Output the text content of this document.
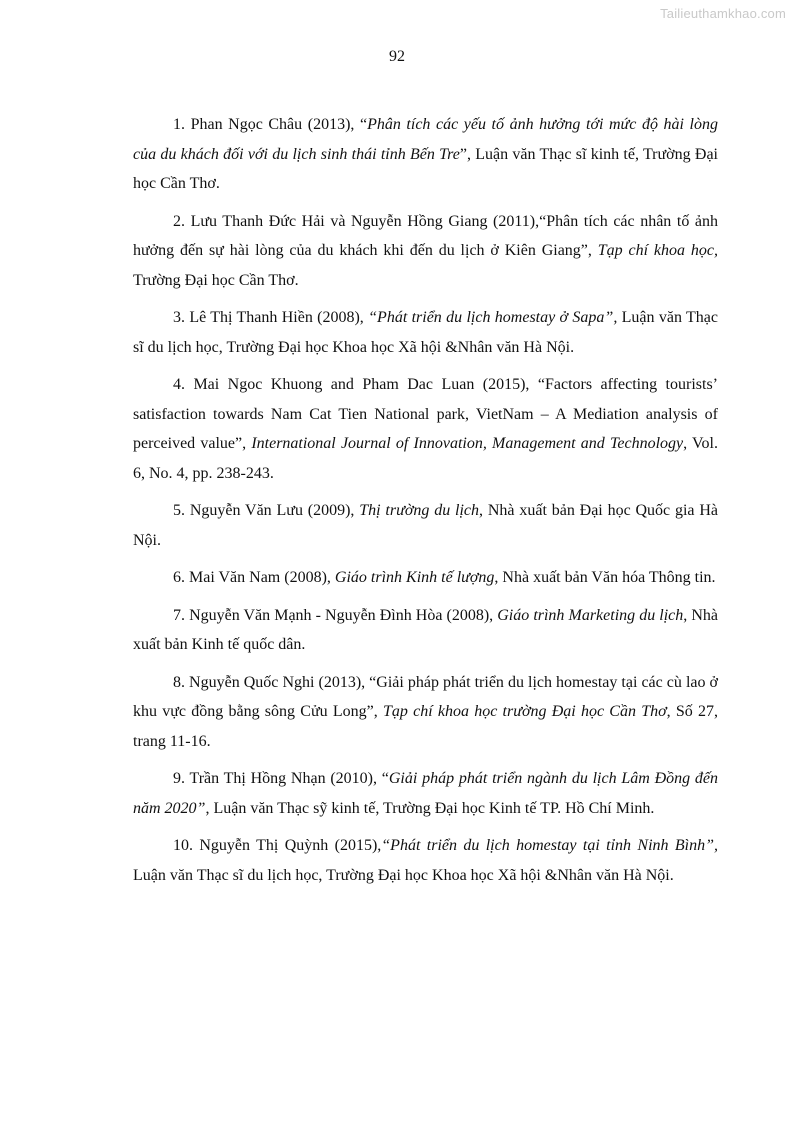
Tailieuthamkhao.com
92

1. Phan Ngọc Châu (2013), “Phân tích các yếu tố ảnh hưởng tới mức độ hài lòng của du khách đối với du lịch sinh thái tỉnh Bến Tre”, Luận văn Thạc sĩ kinh tế, Trường Đại học Cần Thơ.

2. Lưu Thanh Đức Hải và Nguyễn Hồng Giang (2011),“Phân tích các nhân tố ảnh hưởng đến sự hài lòng của du khách khi đến du lịch ở Kiên Giang”, Tạp chí khoa học, Trường Đại học Cần Thơ.

3. Lê Thị Thanh Hiền (2008), “Phát triển du lịch homestay ở Sapa”, Luận văn Thạc sĩ du lịch học, Trường Đại học Khoa học Xã hội &Nhân văn Hà Nội.

4. Mai Ngoc Khuong and Pham Dac Luan (2015), “Factors affecting tourists’ satisfaction towards Nam Cat Tien National park, VietNam – A Mediation analysis of perceived value”, International Journal of Innovation, Management and Technology, Vol. 6, No. 4, pp. 238-243.

5. Nguyễn Văn Lưu (2009), Thị trường du lịch, Nhà xuất bản Đại học Quốc gia Hà Nội.

6. Mai Văn Nam (2008), Giáo trình Kinh tế lượng, Nhà xuất bản Văn hóa Thông tin.

7. Nguyễn Văn Mạnh - Nguyễn Đình Hòa (2008), Giáo trình Marketing du lịch, Nhà xuất bản Kinh tế quốc dân.

8. Nguyễn Quốc Nghi (2013), “Giải pháp phát triển du lịch homestay tại các cù lao ở khu vực đồng bằng sông Cửu Long”, Tạp chí khoa học trường Đại học Cần Thơ, Số 27, trang 11-16.

9. Trần Thị Hồng Nhạn (2010), “Giải pháp phát triển ngành du lịch Lâm Đồng đến năm 2020”, Luận văn Thạc sỹ kinh tế, Trường Đại học Kinh tế TP. Hồ Chí Minh.

10. Nguyễn Thị Quỳnh (2015),“Phát triển du lịch homestay tại tỉnh Ninh Bình”, Luận văn Thạc sĩ du lịch học, Trường Đại học Khoa học Xã hội &Nhân văn Hà Nội.
